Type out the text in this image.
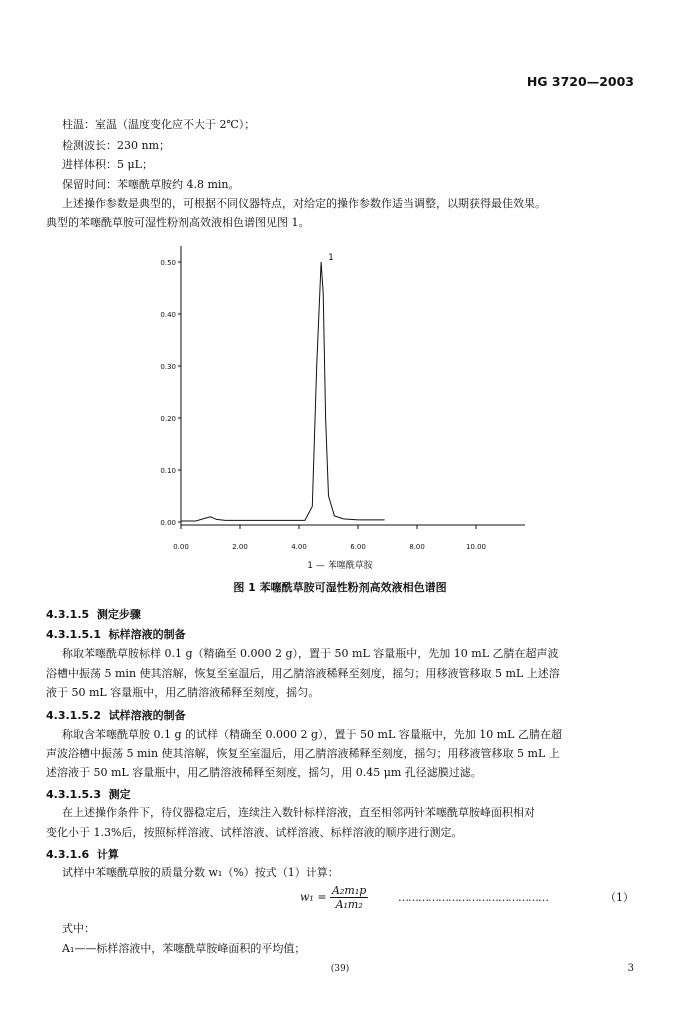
HG 3720—2003
柱温：室温（温度变化应不大于 2℃）；
检测波长：230 nm；
进样体积：5 μL；
保留时间：苯噻酰草胺约 4.8 min。
上述操作参数是典型的，可根据不同仪器特点，对给定的操作参数作适当调整，以期获得最佳效果。
典型的苯噻酰草胺可湿性粉剂高效液相色谱图见图 1。
0.00
0.10
0.20
0.30
0.40
0.50
0.00	2.00	4.00	6.00	8.00	10.00
1
1 — 苯噻酰草胺
图 1 苯噻酰草胺可湿性粉剂高效液相色谱图
4.3.1.5 测定步骤
4.3.1.5.1 标样溶液的制备
称取苯噻酰草胺标样 0.1 g（精确至 0.000 2 g），置于 50 mL 容量瓶中，先加 10 mL 乙腈在超声波
浴槽中振荡 5 min 使其溶解，恢复至室温后，用乙腈溶液稀释至刻度，摇匀；用移液管移取 5 mL 上述溶
液于 50 mL 容量瓶中，用乙腈溶液稀释至刻度，摇匀。
4.3.1.5.2 试样溶液的制备
称取含苯噻酰草胺 0.1 g 的试样（精确至 0.000 2 g），置于 50 mL 容量瓶中，先加 10 mL 乙腈在超
声波浴槽中振荡 5 min 使其溶解，恢复至室温后，用乙腈溶液稀释至刻度，摇匀；用移液管移取 5 mL 上
述溶液于 50 mL 容量瓶中，用乙腈溶液稀释至刻度，摇匀，用 0.45 μm 孔径滤膜过滤。
4.3.1.5.3 测定
在上述操作条件下，待仪器稳定后，连续注入数针标样溶液，直至相邻两针苯噻酰草胺峰面积相对
变化小于 1.3%后，按照标样溶液、试样溶液、试样溶液、标样溶液的顺序进行测定。
4.3.1.6 计算
试样中苯噻酰草胺的质量分数 w₁（%）按式（1）计算：
$w_1 = \frac{\text{A₂m₁p}}{\text{A₁m₂}}$	………………………………………	（1）
式中：
A₁——标样溶液中，苯噻酰草胺峰面积的平均值；
(39)	3
